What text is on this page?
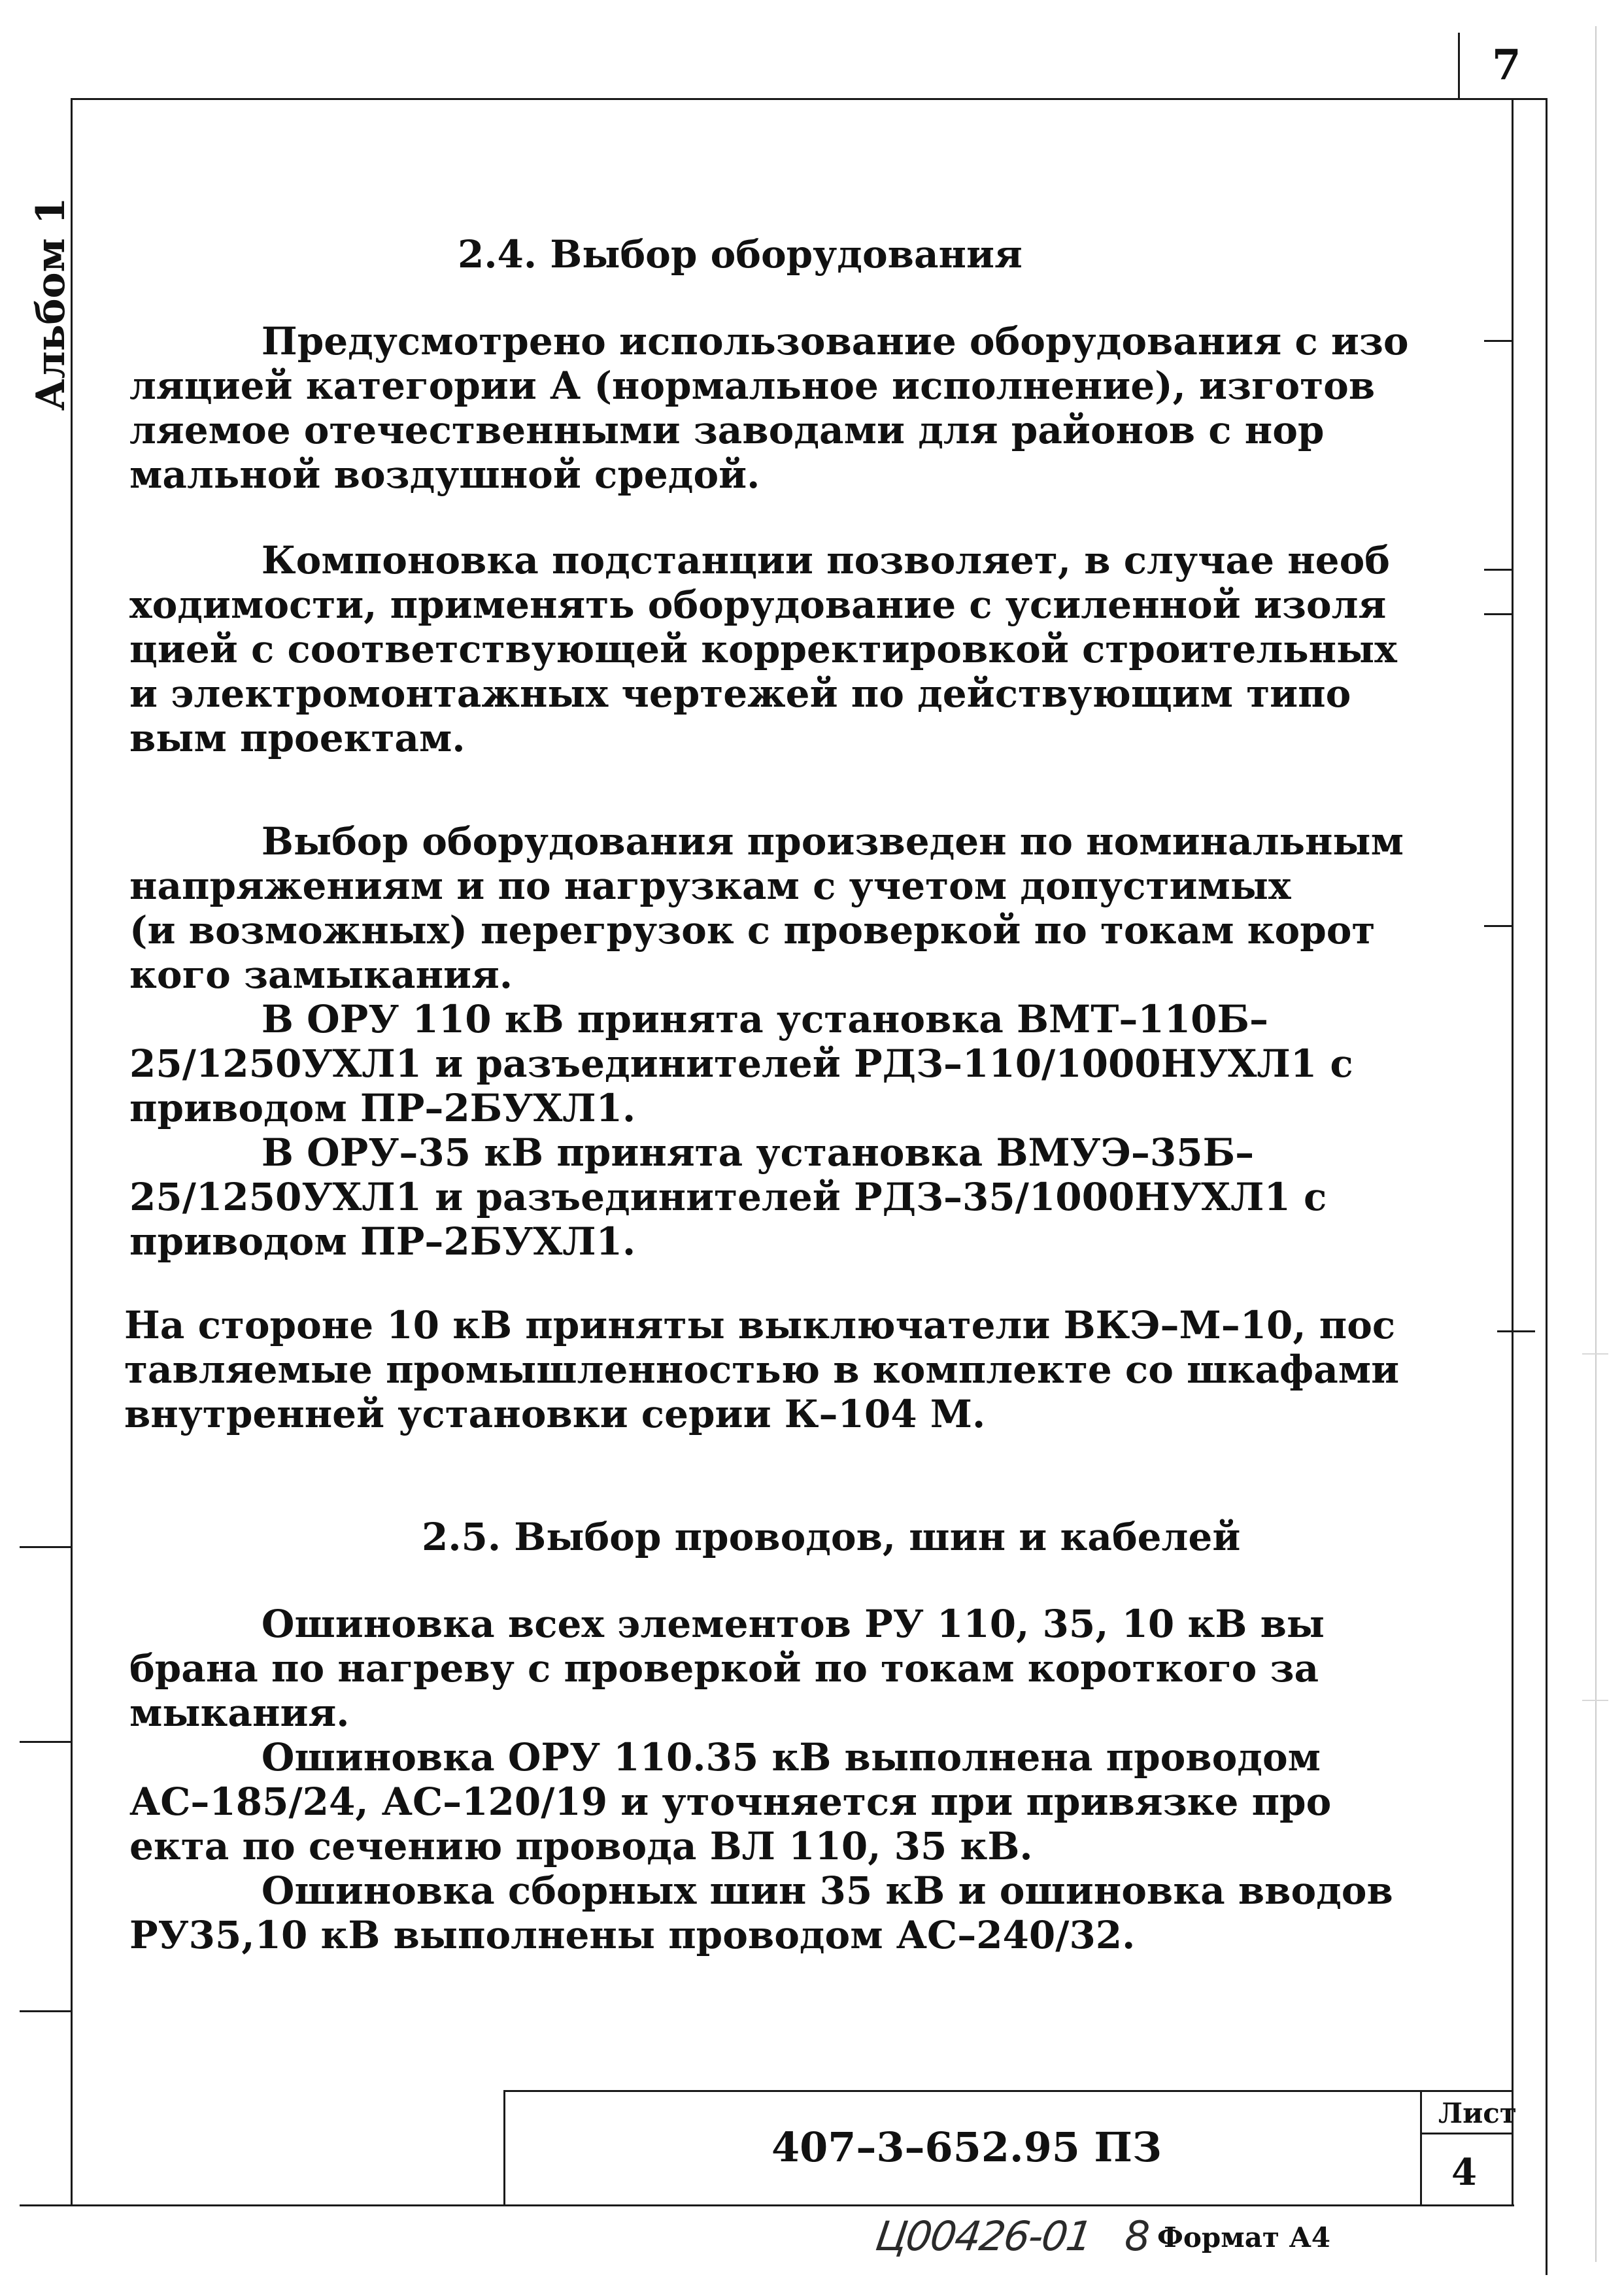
7
Альбом 1	2.4. Выбор оборудования
Предусмотрено использование оборудования с изо
ляцией категории А (нормальное исполнение), изготов
ляемое отечественными заводами для районов с нор
мальной воздушной средой.
Компоновка подстанции позволяет, в случае необ
ходимости, применять оборудование с усиленной изоля
цией с соответствующей корректировкой строительных
и электромонтажных чертежей по действующим типо
вым проектам.
Выбор оборудования произведен по номинальным
напряжениям и по нагрузкам с учетом допустимых
(и возможных) перегрузок с проверкой по токам корот
кого замыкания.
В ОРУ 110 кВ принята установка ВМТ–110Б–
25/1250УХЛ1 и разъединителей РДЗ–110/1000НУХЛ1 с
приводом ПР–2БУХЛ1.
В ОРУ–35 кВ принята установка ВМУЭ–35Б–
25/1250УХЛ1 и разъединителей РДЗ–35/1000НУХЛ1 с
приводом ПР–2БУХЛ1.
На стороне 10 кВ приняты выключатели ВКЭ–М–10, пос
тавляемые промышленностью в комплекте со шкафами
внутренней установки серии К–104 М.
2.5. Выбор проводов, шин и кабелей
Ошиновка всех элементов РУ 110, 35, 10 кВ вы
брана по нагреву с проверкой по токам короткого за
мыкания.
Ошиновка ОРУ 110.35 кВ выполнена проводом
АС–185/24, АС–120/19 и уточняется при привязке про
екта по сечению провода ВЛ 110, 35 кВ.
Ошиновка сборных шин 35 кВ и ошиновка вводов
РУ35,10 кВ выполнены проводом АС–240/32.
407–3–652.95 ПЗ
Лист
4
Ц00426-01 8 Формат А4
